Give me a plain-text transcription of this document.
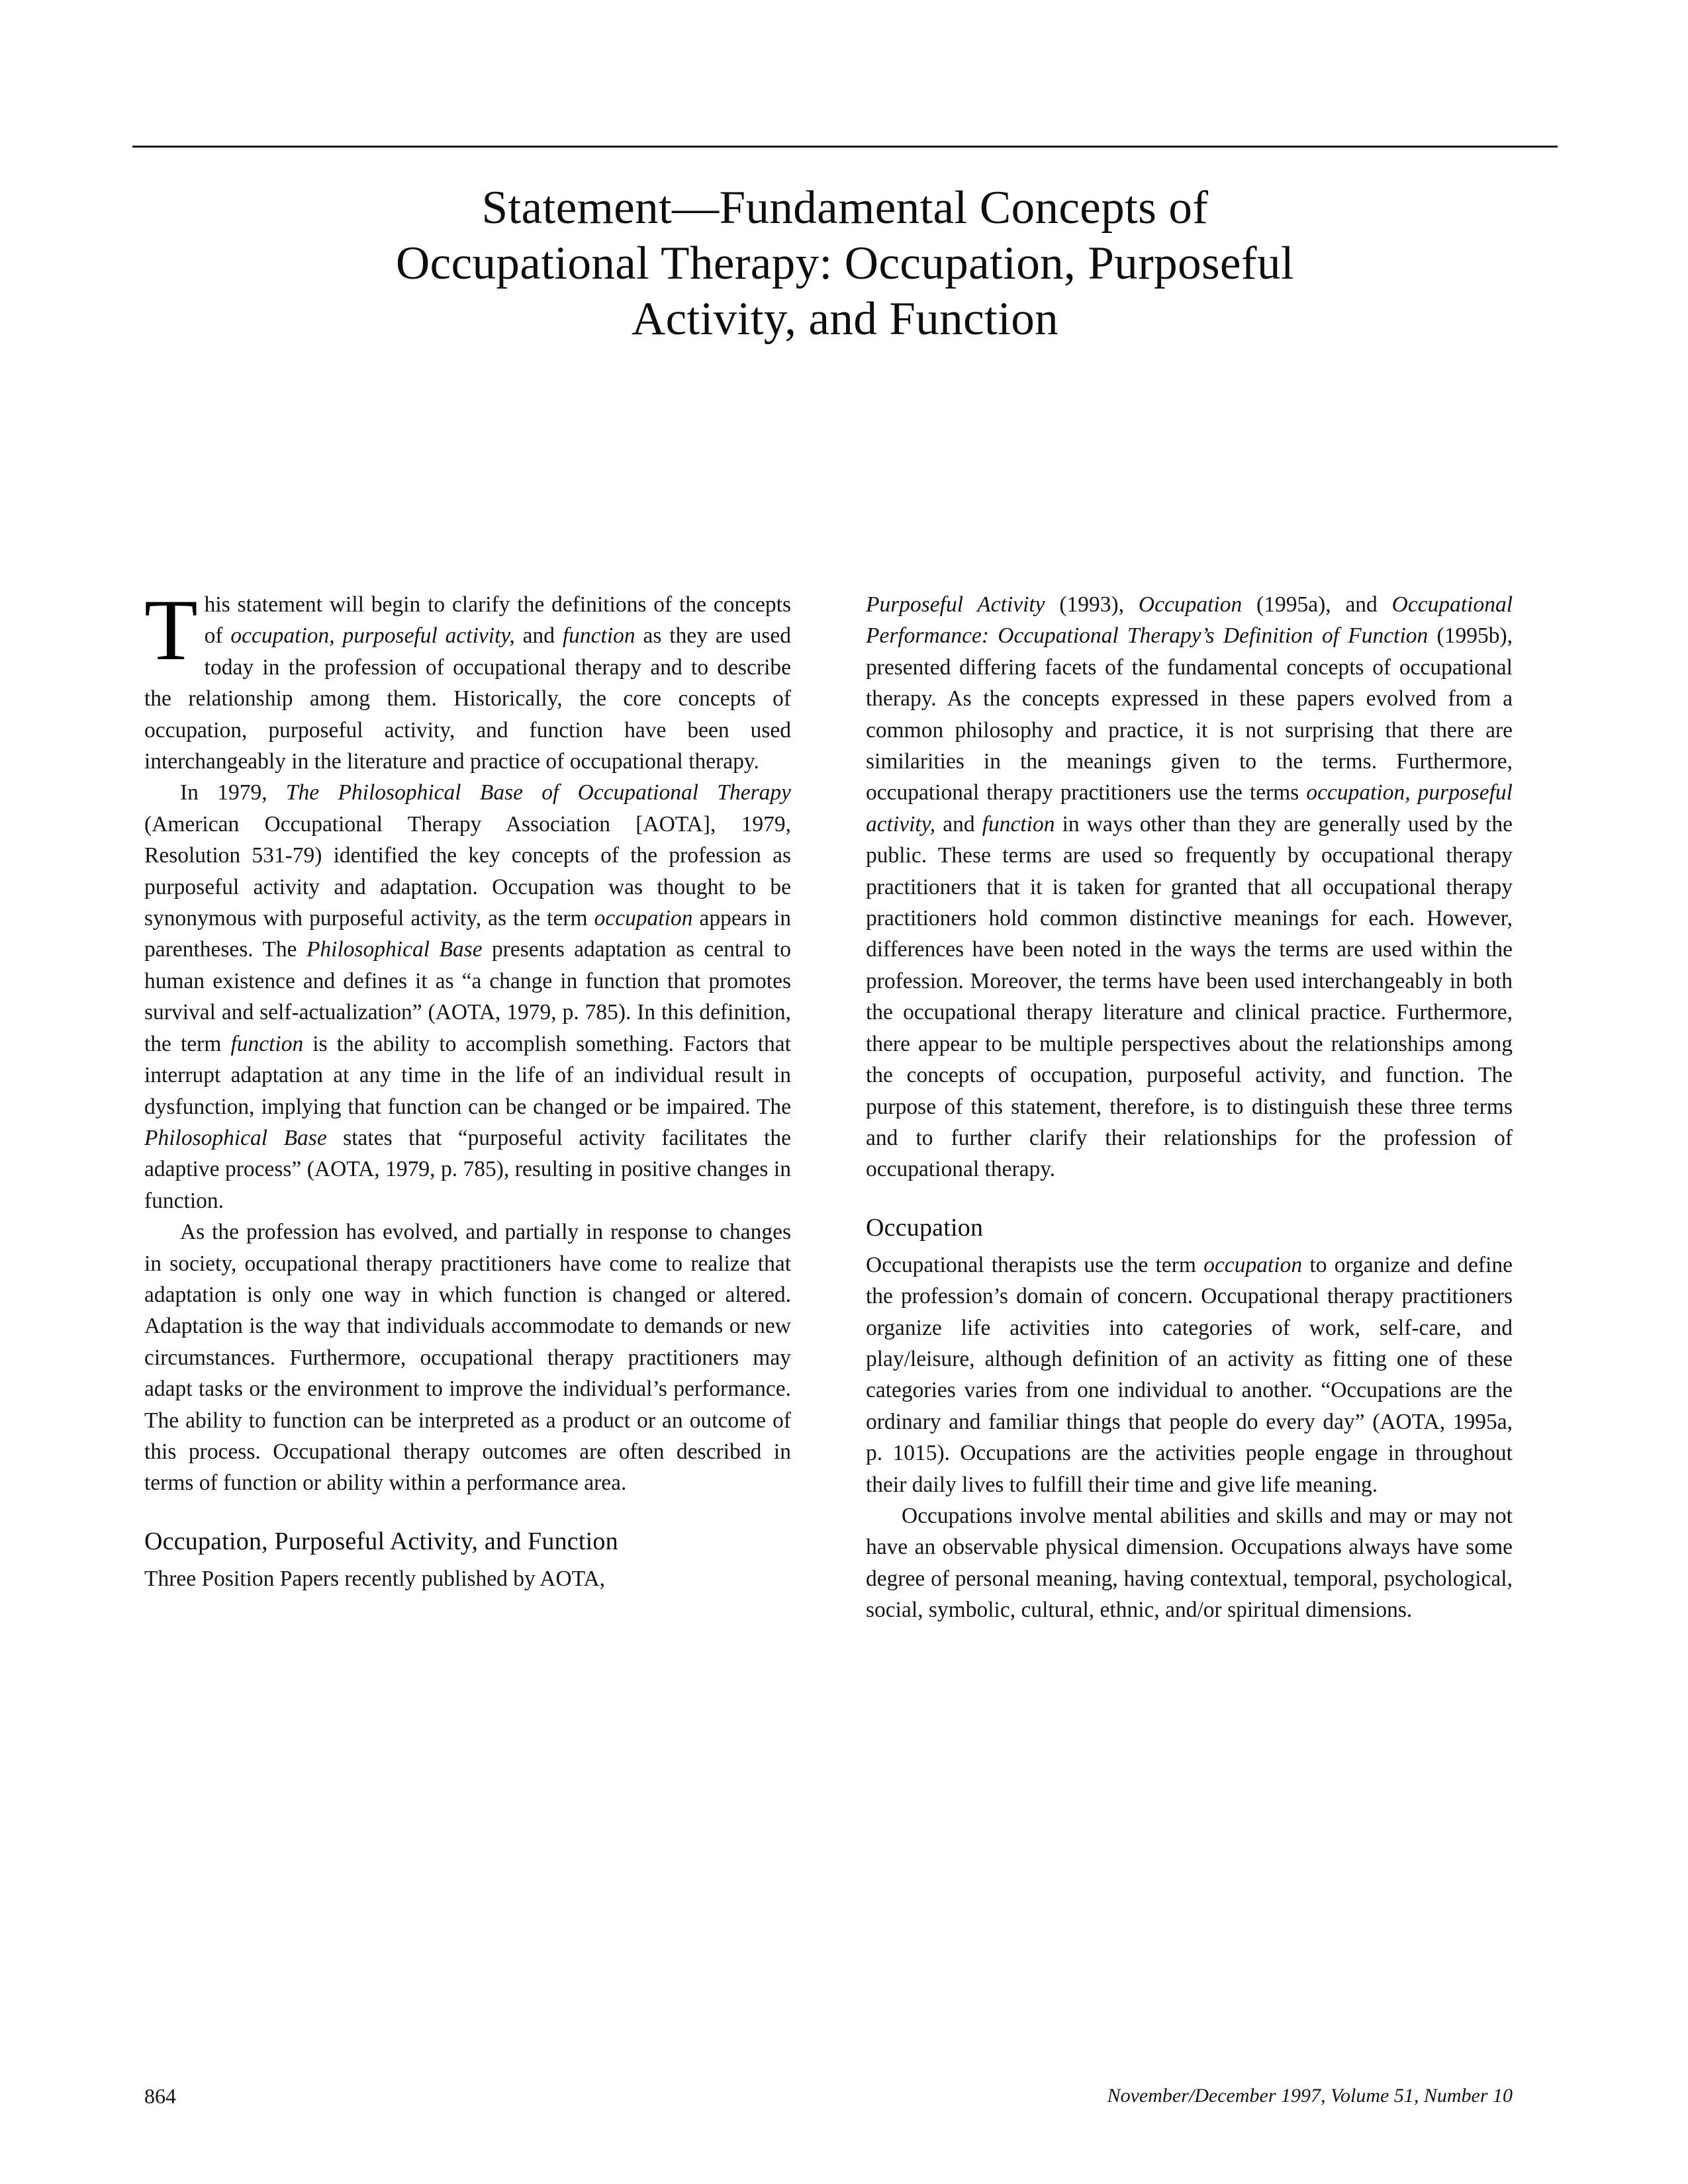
Statement—Fundamental Concepts of
Occupational Therapy: Occupation, Purposeful
Activity, and Function

This statement will begin to clarify the definitions of the concepts of occupation, purposeful activity, and function as they are used today in the profession of occupational therapy and to describe the relationship among them. Historically, the core concepts of occupation, purposeful activity, and function have been used interchangeably in the literature and practice of occupational therapy.

In 1979, The Philosophical Base of Occupational Therapy (American Occupational Therapy Association [AOTA], 1979, Resolution 531-79) identified the key concepts of the profession as purposeful activity and adaptation. Occupation was thought to be synonymous with purposeful activity, as the term occupation appears in parentheses. The Philosophical Base presents adaptation as central to human existence and defines it as “a change in function that promotes survival and self-actualization” (AOTA, 1979, p. 785). In this definition, the term function is the ability to accomplish something. Factors that interrupt adaptation at any time in the life of an individual result in dysfunction, implying that function can be changed or be impaired. The Philosophical Base states that “purposeful activity facilitates the adaptive process” (AOTA, 1979, p. 785), resulting in positive changes in function.

As the profession has evolved, and partially in response to changes in society, occupational therapy practitioners have come to realize that adaptation is only one way in which function is changed or altered. Adaptation is the way that individuals accommodate to demands or new circumstances. Furthermore, occupational therapy practitioners may adapt tasks or the environment to improve the individual’s performance. The ability to function can be interpreted as a product or an outcome of this process. Occupational therapy outcomes are often described in terms of function or ability within a performance area.

Occupation, Purposeful Activity, and Function

Three Position Papers recently published by AOTA,

Purposeful Activity (1993), Occupation (1995a), and Occupational Performance: Occupational Therapy’s Definition of Function (1995b), presented differing facets of the fundamental concepts of occupational therapy. As the concepts expressed in these papers evolved from a common philosophy and practice, it is not surprising that there are similarities in the meanings given to the terms. Furthermore, occupational therapy practitioners use the terms occupation, purposeful activity, and function in ways other than they are generally used by the public. These terms are used so frequently by occupational therapy practitioners that it is taken for granted that all occupational therapy practitioners hold common distinctive meanings for each. However, differences have been noted in the ways the terms are used within the profession. Moreover, the terms have been used interchangeably in both the occupational therapy literature and clinical practice. Furthermore, there appear to be multiple perspectives about the relationships among the concepts of occupation, purposeful activity, and function. The purpose of this statement, therefore, is to distinguish these three terms and to further clarify their relationships for the profession of occupational therapy.

Occupation

Occupational therapists use the term occupation to organize and define the profession’s domain of concern. Occupational therapy practitioners organize life activities into categories of work, self-care, and play/leisure, although definition of an activity as fitting one of these categories varies from one individual to another. “Occupations are the ordinary and familiar things that people do every day” (AOTA, 1995a, p. 1015). Occupations are the activities people engage in throughout their daily lives to fulfill their time and give life meaning.

Occupations involve mental abilities and skills and may or may not have an observable physical dimension. Occupations always have some degree of personal meaning, having contextual, temporal, psychological, social, symbolic, cultural, ethnic, and/or spiritual dimensions.

864	November/December 1997, Volume 51, Number 10
